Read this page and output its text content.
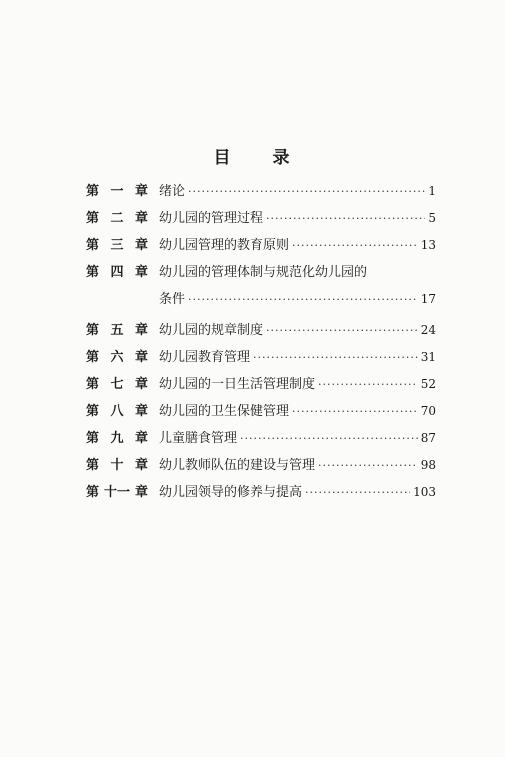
目 录
第 一 章 绪论 ·····	1
第 二 章 幼儿园的管理过程 ·····	5
第 三 章 幼儿园管理的教育原则 ·····	13
第 四 章 幼儿园的管理体制与规范化幼儿园的
条件 ·····	17
第 五 章 幼儿园的规章制度 ·····	24
第 六 章 幼儿园教育管理 ·····	31
第 七 章 幼儿园的一日生活管理制度 ·····	52
第 八 章 幼儿园的卫生保健管理 ·····	70
第 九 章 儿童膳食管理 ·····	87
第 十 章 幼儿教师队伍的建设与管理 ·····	98
第 十一 章 幼儿园领导的修养与提高 ·····	103
